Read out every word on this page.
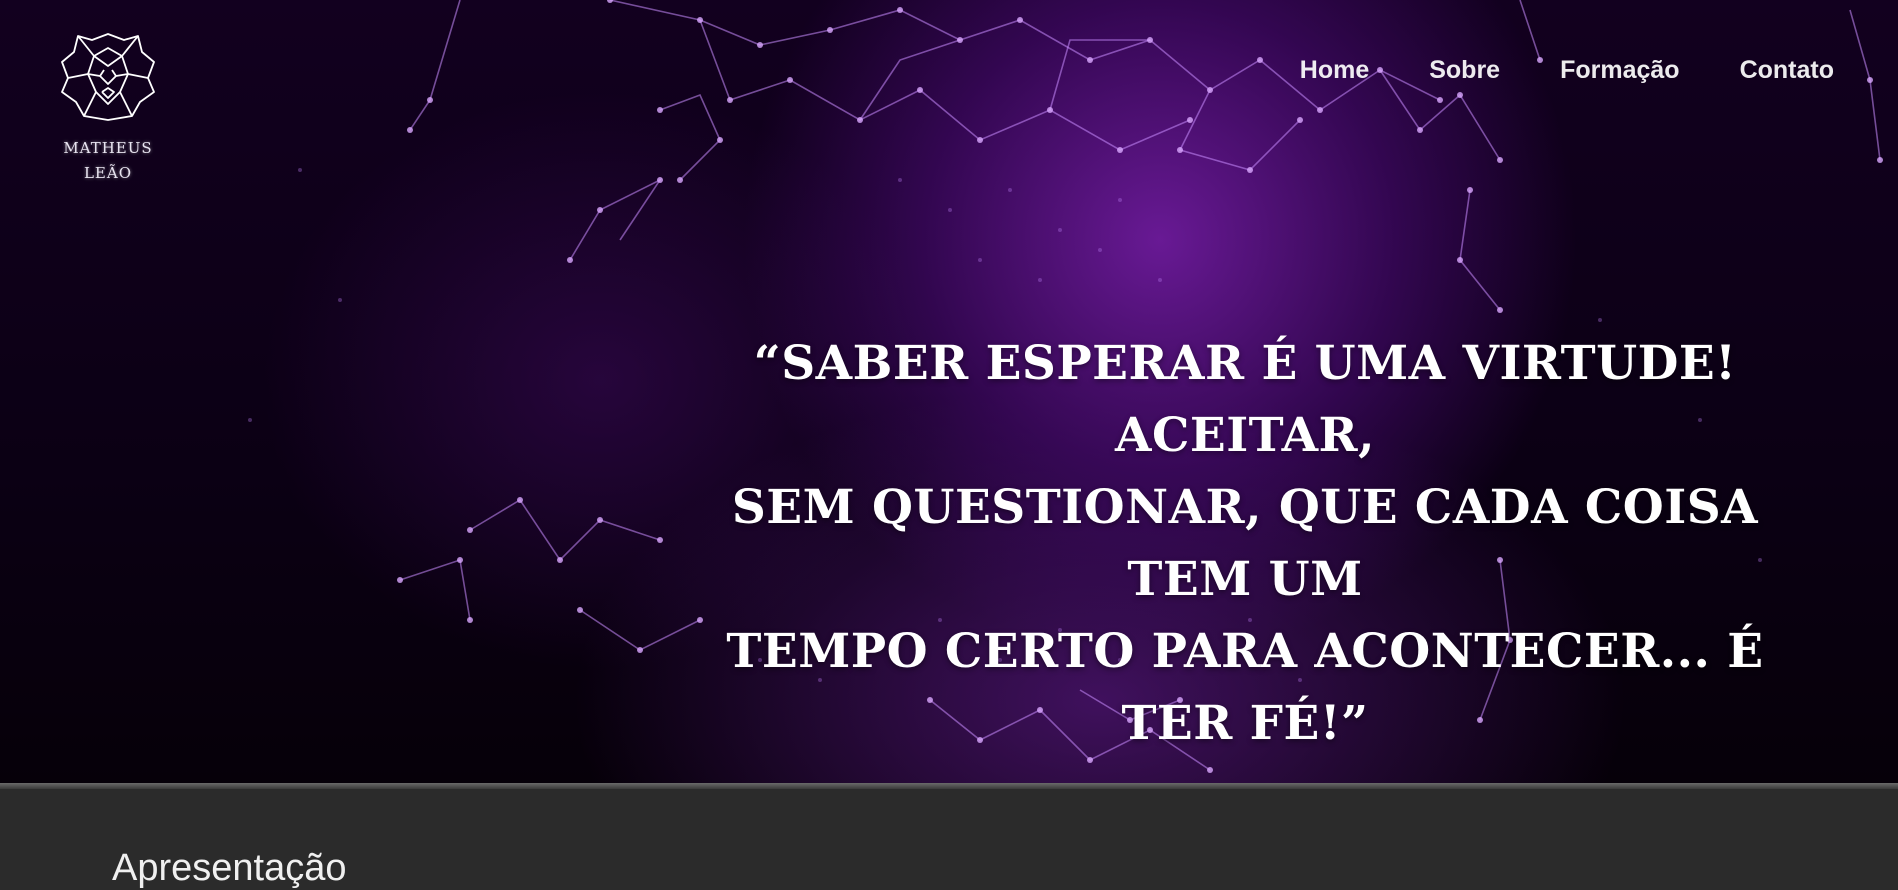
MATHEUS
LEÃO
Home Sobre Formação Contato
“SABER ESPERAR É UMA VIRTUDE! ACEITAR,
SEM QUESTIONAR, QUE CADA COISA TEM UM
TEMPO CERTO PARA ACONTECER... É TER FÉ!”
Apresentação
